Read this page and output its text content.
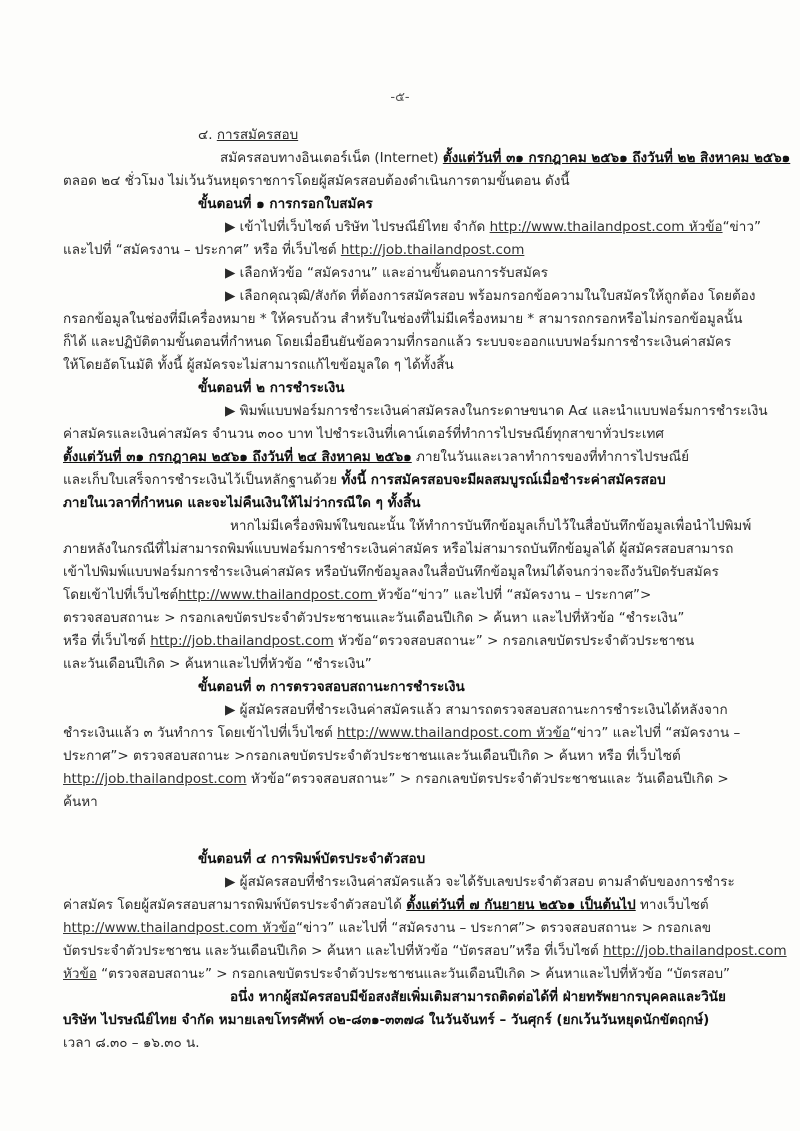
-๕-
๔. การสมัครสอบ
สมัครสอบทางอินเตอร์เน็ต (Internet) ตั้งแต่วันที่ ๓๑ กรกฎาคม ๒๕๖๑ ถึงวันที่ ๒๒ สิงหาคม ๒๕๖๑
ตลอด ๒๔ ชั่วโมง ไม่เว้นวันหยุดราชการโดยผู้สมัครสอบต้องดำเนินการตามขั้นตอน ดังนี้
ขั้นตอนที่ ๑ การกรอกใบสมัคร
▶ เข้าไปที่เว็บไซต์ บริษัท ไปรษณีย์ไทย จำกัด http://www.thailandpost.com หัวข้อ“ข่าว”
และไปที่ “สมัครงาน – ประกาศ” หรือ ที่เว็บไซต์ http://job.thailandpost.com
▶ เลือกหัวข้อ “สมัครงาน” และอ่านขั้นตอนการรับสมัคร
▶ เลือกคุณวุฒิ/สังกัด ที่ต้องการสมัครสอบ พร้อมกรอกข้อความในใบสมัครให้ถูกต้อง โดยต้อง
กรอกข้อมูลในช่องที่มีเครื่องหมาย * ให้ครบถ้วน สำหรับในช่องที่ไม่มีเครื่องหมาย * สามารถกรอกหรือไม่กรอกข้อมูลนั้น
ก็ได้ และปฏิบัติตามขั้นตอนที่กำหนด โดยเมื่อยืนยันข้อความที่กรอกแล้ว ระบบจะออกแบบฟอร์มการชำระเงินค่าสมัคร
ให้โดยอัตโนมัติ ทั้งนี้ ผู้สมัครจะไม่สามารถแก้ไขข้อมูลใด ๆ ได้ทั้งสิ้น
ขั้นตอนที่ ๒ การชำระเงิน
▶ พิมพ์แบบฟอร์มการชำระเงินค่าสมัครลงในกระดาษขนาด A๔ และนำแบบฟอร์มการชำระเงิน
ค่าสมัครและเงินค่าสมัคร จำนวน ๓๐๐ บาท ไปชำระเงินที่เคาน์เตอร์ที่ทำการไปรษณีย์ทุกสาขาทั่วประเทศ
ตั้งแต่วันที่ ๓๑ กรกฎาคม ๒๕๖๑ ถึงวันที่ ๒๔ สิงหาคม ๒๕๖๑ ภายในวันและเวลาทำการของที่ทำการไปรษณีย์
และเก็บใบเสร็จการชำระเงินไว้เป็นหลักฐานด้วย ทั้งนี้ การสมัครสอบจะมีผลสมบูรณ์เมื่อชำระค่าสมัครสอบ
ภายในเวลาที่กำหนด และจะไม่คืนเงินให้ไม่ว่ากรณีใด ๆ ทั้งสิ้น
หากไม่มีเครื่องพิมพ์ในขณะนั้น ให้ทำการบันทึกข้อมูลเก็บไว้ในสื่อบันทึกข้อมูลเพื่อนำไปพิมพ์
ภายหลังในกรณีที่ไม่สามารถพิมพ์แบบฟอร์มการชำระเงินค่าสมัคร หรือไม่สามารถบันทึกข้อมูลได้ ผู้สมัครสอบสามารถ
เข้าไปพิมพ์แบบฟอร์มการชำระเงินค่าสมัคร หรือบันทึกข้อมูลลงในสื่อบันทึกข้อมูลใหม่ได้จนกว่าจะถึงวันปิดรับสมัคร
โดยเข้าไปที่เว็บไซต์http://www.thailandpost.com หัวข้อ“ข่าว” และไปที่ “สมัครงาน – ประกาศ”>
ตรวจสอบสถานะ > กรอกเลขบัตรประจำตัวประชาชนและวันเดือนปีเกิด > ค้นหา และไปที่หัวข้อ “ชำระเงิน”
หรือ ที่เว็บไซต์ http://job.thailandpost.com หัวข้อ“ตรวจสอบสถานะ” > กรอกเลขบัตรประจำตัวประชาชน
และวันเดือนปีเกิด > ค้นหาและไปที่หัวข้อ “ชำระเงิน”
ขั้นตอนที่ ๓ การตรวจสอบสถานะการชำระเงิน
▶ ผู้สมัครสอบที่ชำระเงินค่าสมัครแล้ว สามารถตรวจสอบสถานะการชำระเงินได้หลังจาก
ชำระเงินแล้ว ๓ วันทำการ โดยเข้าไปที่เว็บไซต์ http://www.thailandpost.com หัวข้อ“ข่าว” และไปที่ “สมัครงาน –
ประกาศ”> ตรวจสอบสถานะ >กรอกเลขบัตรประจำตัวประชาชนและวันเดือนปีเกิด > ค้นหา หรือ ที่เว็บไซต์
http://job.thailandpost.com หัวข้อ“ตรวจสอบสถานะ” > กรอกเลขบัตรประจำตัวประชาชนและ วันเดือนปีเกิด >
ค้นหา
ขั้นตอนที่ ๔ การพิมพ์บัตรประจำตัวสอบ
▶ ผู้สมัครสอบที่ชำระเงินค่าสมัครแล้ว จะได้รับเลขประจำตัวสอบ ตามลำดับของการชำระ
ค่าสมัคร โดยผู้สมัครสอบสามารถพิมพ์บัตรประจำตัวสอบได้ ตั้งแต่วันที่ ๗ กันยายน ๒๕๖๑ เป็นต้นไป ทางเว็บไซต์
http://www.thailandpost.com หัวข้อ“ข่าว” และไปที่ “สมัครงาน – ประกาศ”> ตรวจสอบสถานะ > กรอกเลข
บัตรประจำตัวประชาชน และวันเดือนปีเกิด > ค้นหา และไปที่หัวข้อ “บัตรสอบ”หรือ ที่เว็บไซต์ http://job.thailandpost.com
หัวข้อ “ตรวจสอบสถานะ” > กรอกเลขบัตรประจำตัวประชาชนและวันเดือนปีเกิด > ค้นหาและไปที่หัวข้อ “บัตรสอบ”
อนึ่ง หากผู้สมัครสอบมีข้อสงสัยเพิ่มเติมสามารถติดต่อได้ที่ ฝ่ายทรัพยากรบุคคลและวินัย
บริษัท ไปรษณีย์ไทย จำกัด หมายเลขโทรศัพท์ ๐๒-๘๓๑-๓๓๗๘ ในวันจันทร์ – วันศุกร์ (ยกเว้นวันหยุดนักขัตฤกษ์)
เวลา ๘.๓๐ – ๑๖.๓๐ น.
